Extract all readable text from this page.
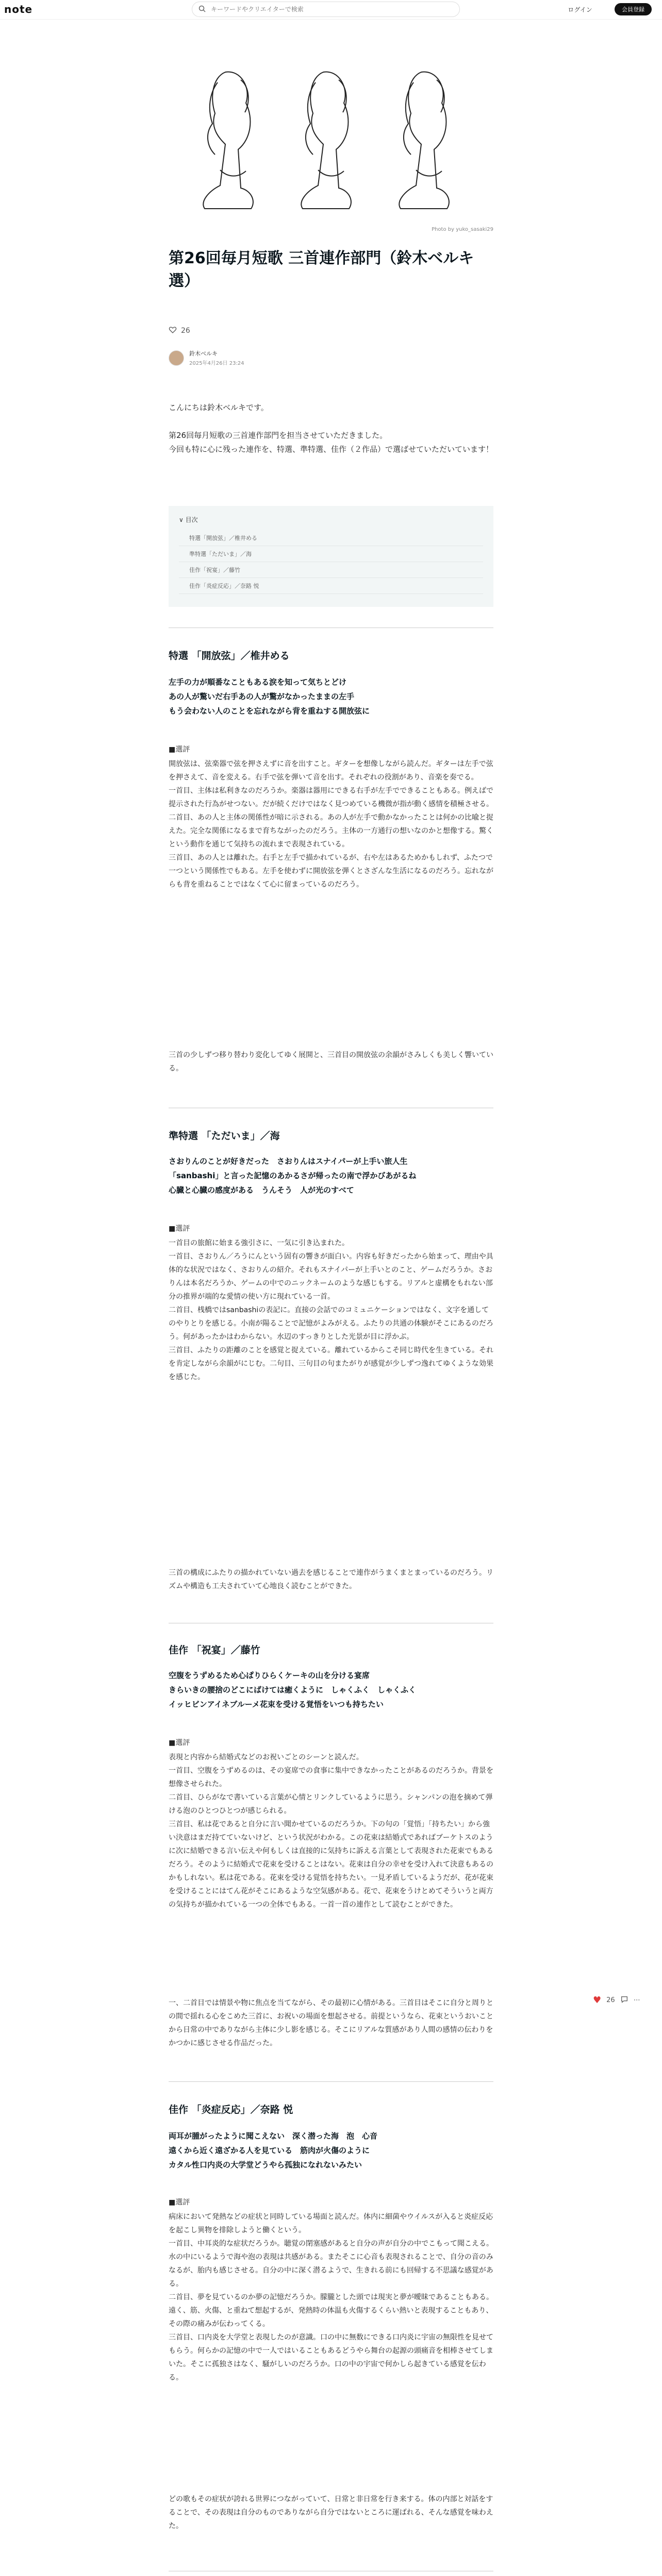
note
キーワードやクリエイターで検索	ログイン	会員登録
Photo by yuko_sasaki29
第26回毎月短歌 三首連作部門（鈴木ベルキ選）
26
鈴木ベルキ
2025年4月26日 23:24
こんにちは鈴木ベルキです。

第26回毎月短歌の三首連作部門を担当させていただきました。
今回も特に心に残った連作を、特選、準特選、佳作（２作品）で選ばせていただいています！
∨ 目次
特選「開放弦」／椎井める
準特選「ただいま」／海
佳作「祝宴」／藤竹
佳作「炎症反応」／奈路 悦
特選 「開放弦」／椎井める
左手の力が順番なこともある涙を知って気ちとどけ
あの人が驚いだ右手あの人が驚がなかったままの左手
もう会わない人のことを忘れながら背を重ねする開放弦に
■選評
開放弦は、弦楽器で弦を押さえずに音を出すこと。ギターを想像しながら読んだ。ギターは左手で弦を押さえて、音を変える。右手で弦を弾いて音を出す。それぞれの役割があり、音楽を奏でる。
一首目、主体は私利きなのだろうか。楽器は器用にできる右手が左手でできることもある。例えばで提示された行為がせつない。だが続くだけではなく見つめている機微が指が動く感情を積極させる。
二首目、あの人と主体の関係性が暗に示される。あの人が左手で動かなかったことは何かの比喩と捉えた。完全な関係になるまで育ちながったのだろう。主体の一方通行の想いなのかと想像する。驚くという動作を通じて気持ちの流れまで表現されている。
三首目、あの人とは離れた。右手と左手で描かれているが、右や左はあるためかもしれず、ふたつで一つという関係性でもある。左手を使わずに開放弦を弾くとさざんな生活になるのだろう。忘れながらも背を重ねることではなくて心に留まっているのだろう。
三首の少しずつ移り替わり変化してゆく展開と、三首目の開放弦の余韻がさみしくも美しく響いている。
準特選 「ただいま」／海
さおりんのことが好きだった　さおりんはスナイパーが上手い旅人生
「sanbashi」と言った記憶のあかるさが帰ったの南で浮かびあがるね
心臓と心臓の感度がある　うんそう　人が光のすべて
■選評
一首目の旅館に始まる強引さに、一気に引き込まれた。
一首目、さおりん／ろうにんという固有の響きが面白い。内容も好きだったから始まって、理由や具体的な状況ではなく、さおりんの紹介。それもスナイパーが上手いとのこと、ゲームだろうか。さおりんは本名だろうか、ゲームの中でのニックネームのような感じもする。リアルと虚構をもれない部分の推界が端的な愛情の使い方に現れている一首。
二首目、桟橋ではsanbashiの表記に。直接の会話でのコミュニケーションではなく、文字を通してのやりとりを感じる。小南が陽ることで記憶がよみがえる。ふたりの共通の体験がそこにあるのだろう。何があったかはわからない。水辺のすっきりとした光景が目に浮かぶ。
三首目、ふたりの距離のことを感覚と捉えている。離れているからこそ同じ時代を生きている。それを肯定しながら余韻がにじむ。二句目、三句目の句またがりが感覚が少しずつ逸れてゆくような効果を感じた。
三首の構成にふたりの描かれていない過去を感じることで連作がうまくまとまっているのだろう。リズムや構造も工夫されていて心地良く読むことができた。
佳作 「祝宴」／藤竹
空腹をうずめるため心ぱりひらくケーキの山を分ける宴席
きらいきの腰捨のどこにばけては癒くように　しゃくふく　しゃくふく
イッヒビンアイネブルーメ花束を受ける覚悟をいつも持ちたい
■選評
表現と内容から結婚式などのお祝いごとのシーンと読んだ。
一首目、空腹をうずめるのは、その宴席での食事に集中できなかったことがあるのだろうか。背景を想像させられた。
二首目、ひらがなで書いている言葉が心情とリンクしているように思う。シャンパンの泡を摘めて弾ける泡のひとつひとつが感じられる。
三首目、私は花であると自分に言い聞かせているのだろうか。下の句の「覚悟」「持ちたい」から強い決意はまだ持てていないけど、という状況がわかる。この花束は結婚式であればブーケトスのように次に結婚できる言い伝えや何もしくは直接的に気持ちに訴える言葉として表現された花束でもあるだろう。そのように結婚式で花束を受けることはない。花束は自分の幸せを受け入れて決意もあるのかもしれない。私は花である。花束を受ける覚悟を持ちたい。一見矛盾しているようだが、花が花束を受けることにはてん花がそこにあるような空気感がある。花で、花束をうけとめてそういうと両方の気持ちが描かれている一つの全体でもある。一首一首の連作として読むことができた。
一、二首目では情景や物に焦点を当てながら、その最初に心情がある。三首目はそこに自分と周りとの間で揺れる心をこめた三首に、お祝いの場面を想起させる。前提というなら、花束というおいことから日常の中でありながら主体に少し影を感じる。そこにリアルな質感があり人間の感情の伝わりをかつかに感じさせる作品だった。
佳作 「炎症反応」／奈路 悦
両耳が腫がったように聞こえない　深く潜った海　泡　心音
遠くから近く遠ざかる人を見ている　筋肉が火傷のように
カタル性口内炎の大学堂どうやら孤独になれないみたい
■選評
病床において発熱などの症状と同時している場面と読んだ。体内に細菌やウイルスが入ると炎症反応を起こし異物を排除しようと働くという。
一首目、中耳炎的な症状だろうか。聴覚の閉塞感があると自分の声が自分の中でこもって聞こえる。水の中にいるようで海や泡の表現は共感がある。またそこに心音も表現されることで、自分の音のみなるが、胎内も感じさせる。自分の中に深く潜るようで、生きれる前にも回帰する不思議な感覚がある。
二首目、夢を見ているのか夢の記憶だろうか。朦朧とした頭では現実と夢が曖昧であることもある。遠く、筋、火傷、と重ねて想起するが、発熱時の体温も火傷するくらい熱いと表現することもあり、その際の痛みが伝わってくる。
三首目、口内炎を大学堂と表現したのが意識。口の中に無数にできる口内炎に宇宙の無限性を見せてもらう。何らかの記憶の中で一人ではいることもあるどうやら舞台の起源の頭痛音を相棒させてしまいた。そこに孤独さはなく、騒がしいのだろうか。口の中の宇宙で何かしら起きている感覚を伝わる。
どの歌もその症状が誇れる世界につながっていて、日常と非日常を行き来する。体の内部と対話をすることで、その表現は自分のものでありながら自分ではないところに運ばれる、そんな感覚を味わえた。
♥ 26	⋯
